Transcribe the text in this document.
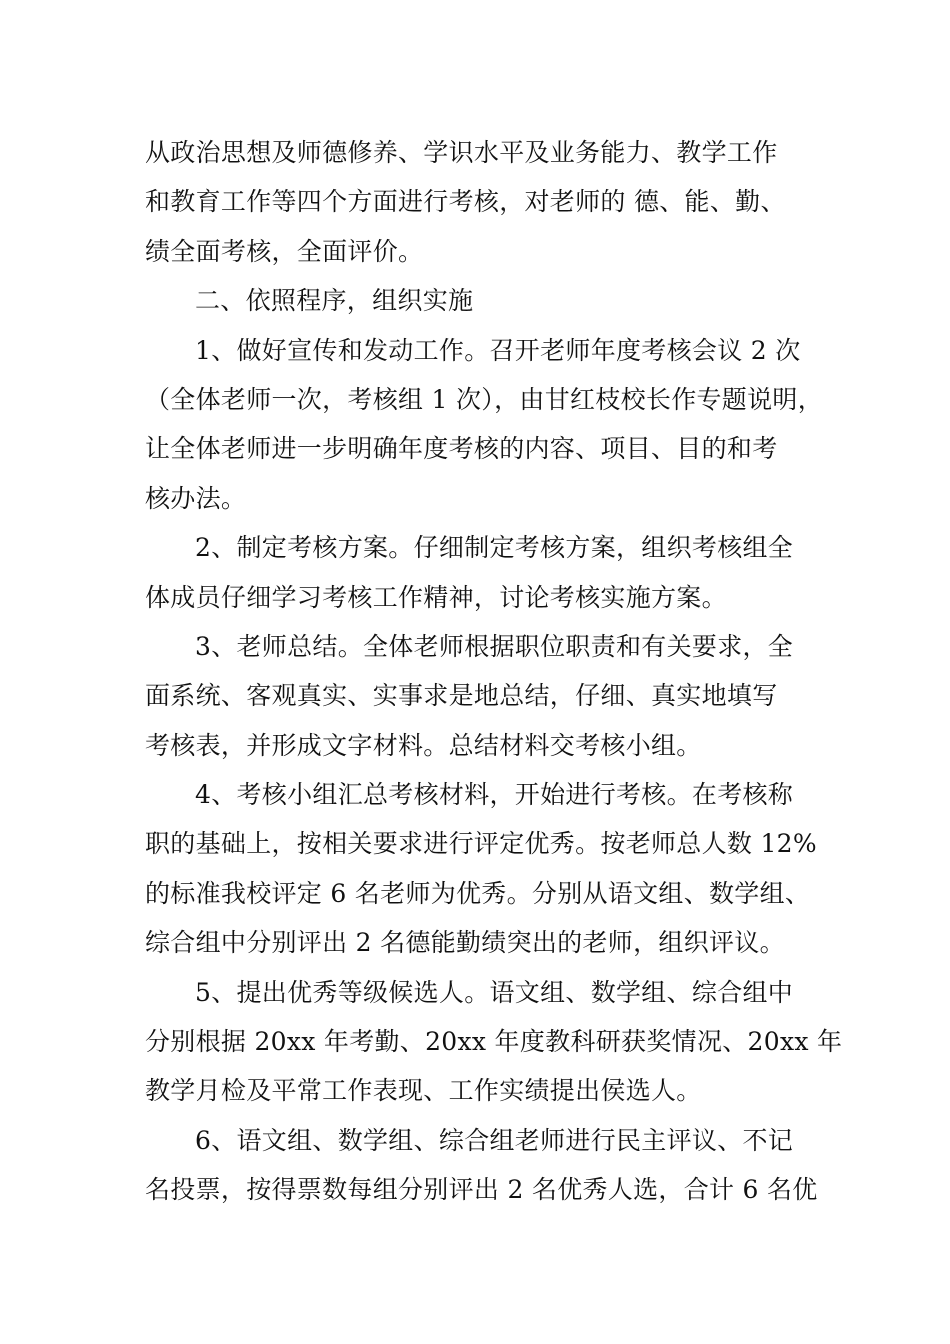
从政治思想及师德修养、学识水平及业务能力、教学工作
和教育工作等四个方面进行考核，对老师的 德、能、勤、
绩全面考核，全面评价。
二、依照程序，组织实施
1、做好宣传和发动工作。召开老师年度考核会议 2 次
（全体老师一次，考核组 1 次），由甘红枝校长作专题说明，
让全体老师进一步明确年度考核的内容、项目、目的和考
核办法。
2、制定考核方案。仔细制定考核方案，组织考核组全
体成员仔细学习考核工作精神，讨论考核实施方案。
3、老师总结。全体老师根据职位职责和有关要求，全
面系统、客观真实、实事求是地总结，仔细、真实地填写
考核表，并形成文字材料。总结材料交考核小组。
4、考核小组汇总考核材料，开始进行考核。在考核称
职的基础上，按相关要求进行评定优秀。按老师总人数 12%
的标准我校评定 6 名老师为优秀。分别从语文组、数学组、
综合组中分别评出 2 名德能勤绩突出的老师，组织评议。
5、提出优秀等级候选人。语文组、数学组、综合组中
分别根据 20xx 年考勤、20xx 年度教科研获奖情况、20xx 年
教学月检及平常工作表现、工作实绩提出侯选人。
6、语文组、数学组、综合组老师进行民主评议、不记
名投票，按得票数每组分别评出 2 名优秀人选，合计 6 名优
